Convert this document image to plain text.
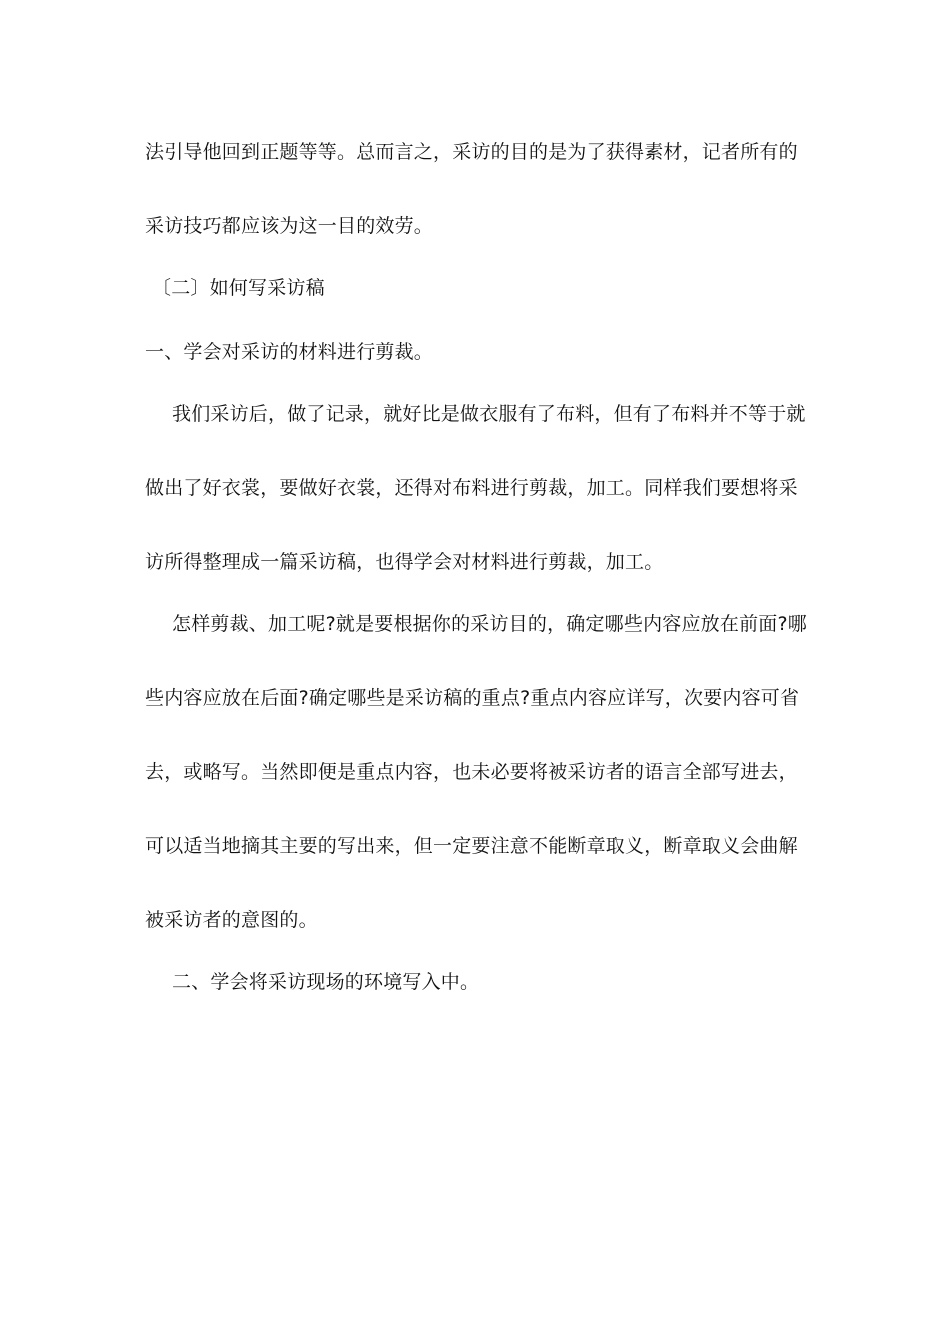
法引导他回到正题等等。总而言之，采访的目的是为了获得素材，记者所有的
采访技巧都应该为这一目的效劳。
〔二〕如何写采访稿
一、学会对采访的材料进行剪裁。
我们采访后，做了记录，就好比是做衣服有了布料，但有了布料并不等于就
做出了好衣裳，要做好衣裳，还得对布料进行剪裁，加工。同样我们要想将采
访所得整理成一篇采访稿，也得学会对材料进行剪裁，加工。
怎样剪裁、加工呢?就是要根据你的采访目的，确定哪些内容应放在前面?哪
些内容应放在后面?确定哪些是采访稿的重点?重点内容应详写，次要内容可省
去，或略写。当然即便是重点内容，也未必要将被采访者的语言全部写进去，
可以适当地摘其主要的写出来，但一定要注意不能断章取义，断章取义会曲解
被采访者的意图的。
二、学会将采访现场的环境写入中。
